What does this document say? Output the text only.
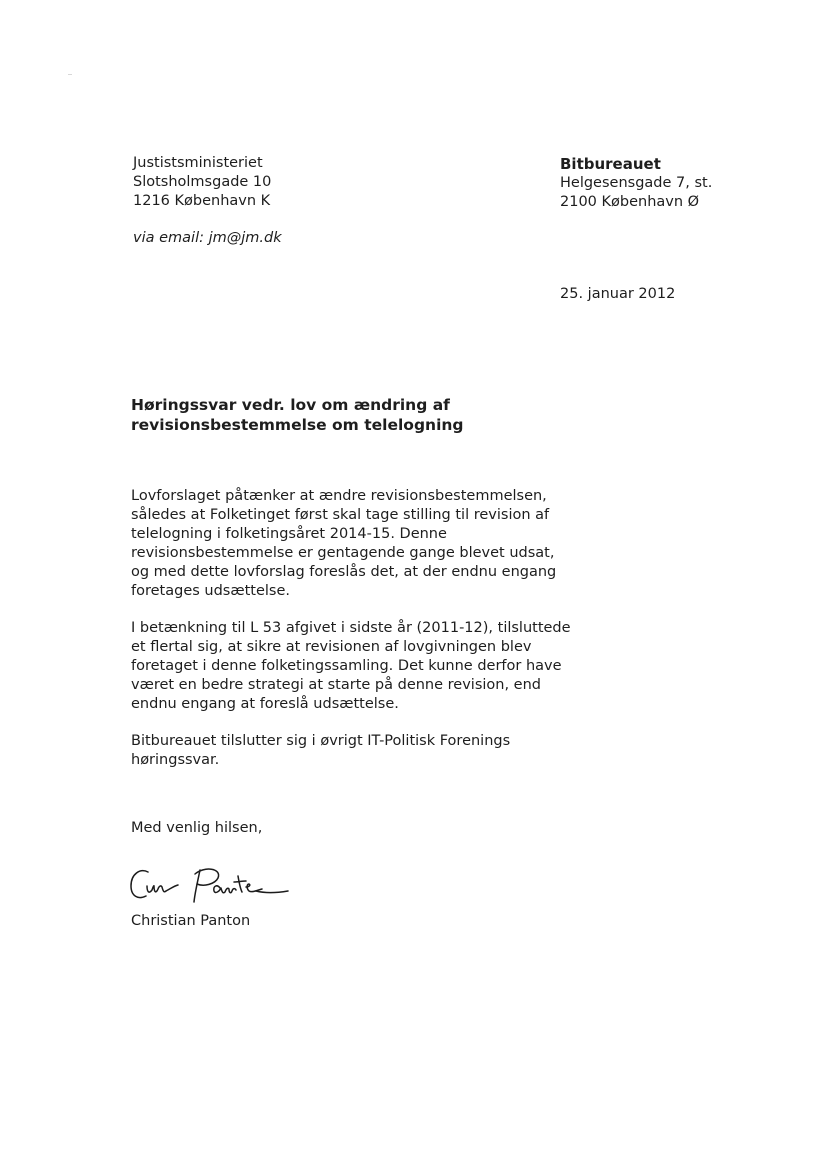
Justistsministeriet
Slotsholmsgade 10
1216 København K
via email: jm@jm.dk
Bitbureauet
Helgesensgade 7, st.
2100 København Ø
25. januar 2012
Høringssvar vedr. lov om ændring af
revisionsbestemmelse om telelogning
Lovforslaget påtænker at ændre revisionsbestemmelsen,
således at Folketinget først skal tage stilling til revision af
telelogning i folketingsåret 2014-15. Denne
revisionsbestemmelse er gentagende gange blevet udsat,
og med dette lovforslag foreslås det, at der endnu engang
foretages udsættelse.
I betænkning til L 53 afgivet i sidste år (2011-12), tilsluttede
et flertal sig, at sikre at revisionen af lovgivningen blev
foretaget i denne folketingssamling. Det kunne derfor have
været en bedre strategi at starte på denne revision, end
endnu engang at foreslå udsættelse.
Bitbureauet tilslutter sig i øvrigt IT-Politisk Forenings
høringssvar.
Med venlig hilsen,
Christian Panton
